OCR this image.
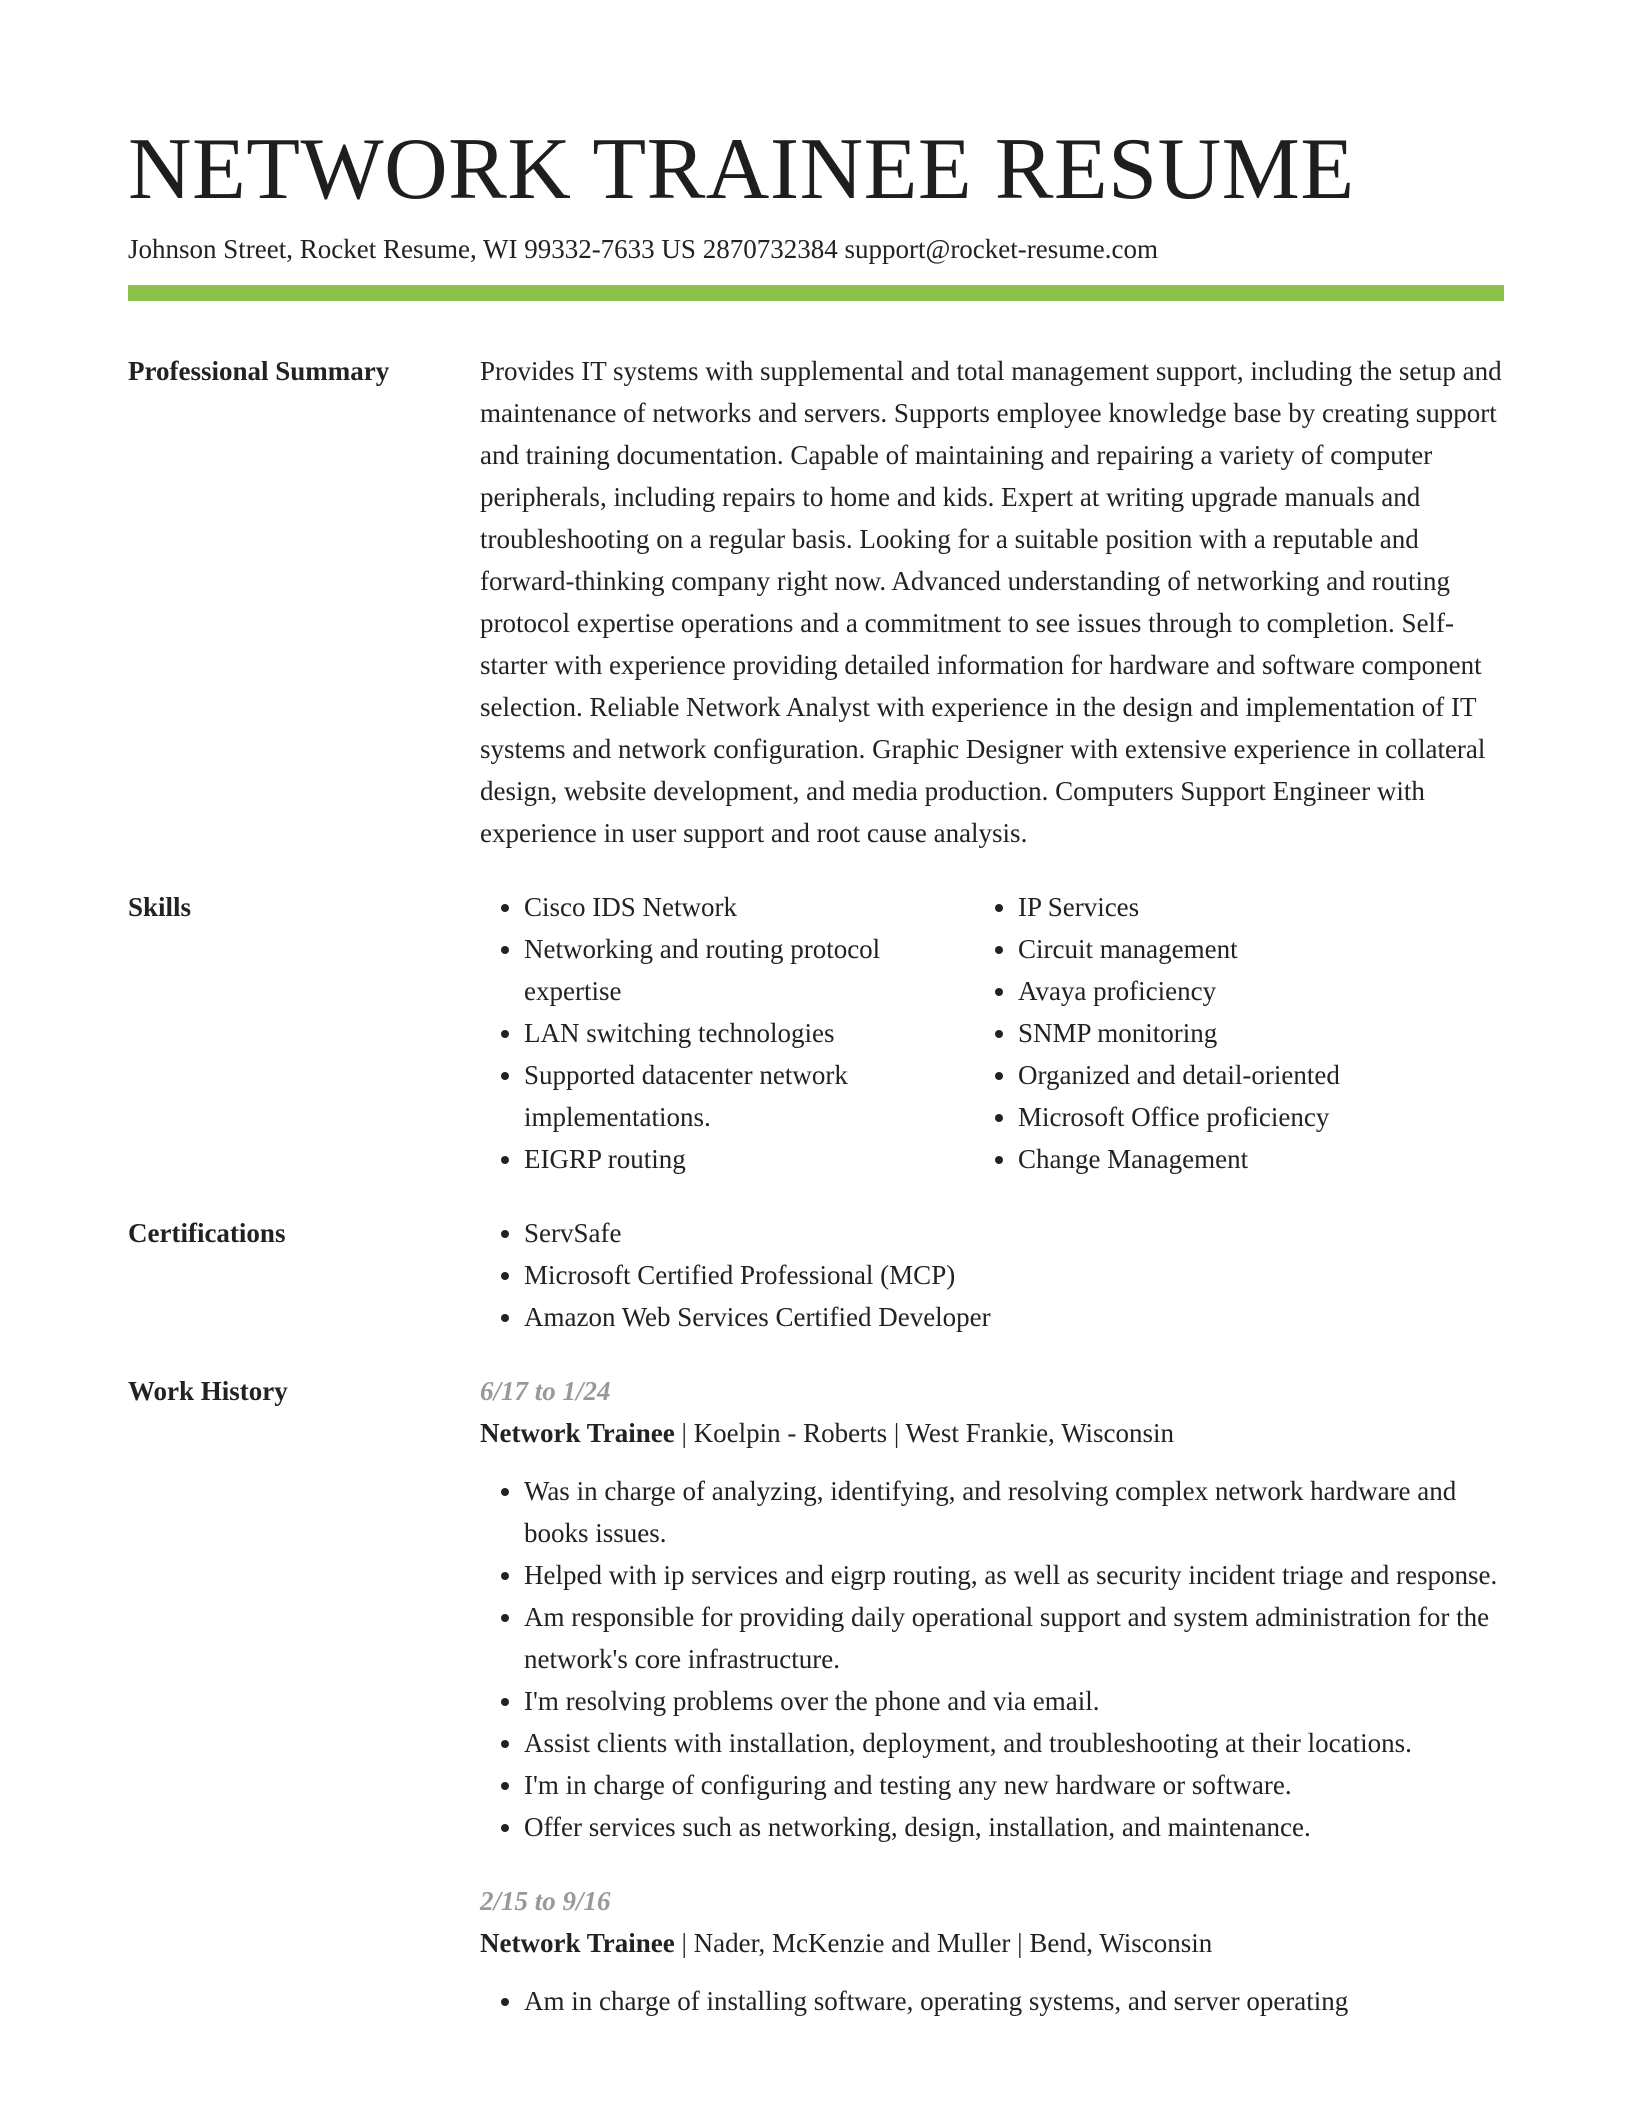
NETWORK TRAINEE RESUME
Johnson Street, Rocket Resume, WI 99332-7633 US 2870732384 support@rocket-resume.com
Professional Summary	Provides IT systems with supplemental and total management support, including the setup and maintenance of networks and servers. Supports employee knowledge base by creating support and training documentation. Capable of maintaining and repairing a variety of computer peripherals, including repairs to home and kids. Expert at writing upgrade manuals and troubleshooting on a regular basis. Looking for a suitable position with a reputable and forward-thinking company right now. Advanced understanding of networking and routing protocol expertise operations and a commitment to see issues through to completion. Self-starter with experience providing detailed information for hardware and software component selection. Reliable Network Analyst with experience in the design and implementation of IT systems and network configuration. Graphic Designer with extensive experience in collateral design, website development, and media production. Computers Support Engineer with experience in user support and root cause analysis.

Skills	• Cisco IDS Network
• Networking and routing protocol expertise
• LAN switching technologies
• Supported datacenter network implementations.
• EIGRP routing
• IP Services
• Circuit management
• Avaya proficiency
• SNMP monitoring
• Organized and detail-oriented
• Microsoft Office proficiency
• Change Management
Certifications	• ServSafe
• Microsoft Certified Professional (MCP)
• Amazon Web Services Certified Developer
Work History	6/17 to 1/24
Network Trainee | Koelpin - Roberts | West Frankie, Wisconsin
• Was in charge of analyzing, identifying, and resolving complex network hardware and books issues.
• Helped with ip services and eigrp routing, as well as security incident triage and response.
• Am responsible for providing daily operational support and system administration for the network's core infrastructure.
• I'm resolving problems over the phone and via email.
• Assist clients with installation, deployment, and troubleshooting at their locations.
• I'm in charge of configuring and testing any new hardware or software.
• Offer services such as networking, design, installation, and maintenance.
2/15 to 9/16
Network Trainee | Nader, McKenzie and Muller | Bend, Wisconsin
• Am in charge of installing software, operating systems, and server operating
